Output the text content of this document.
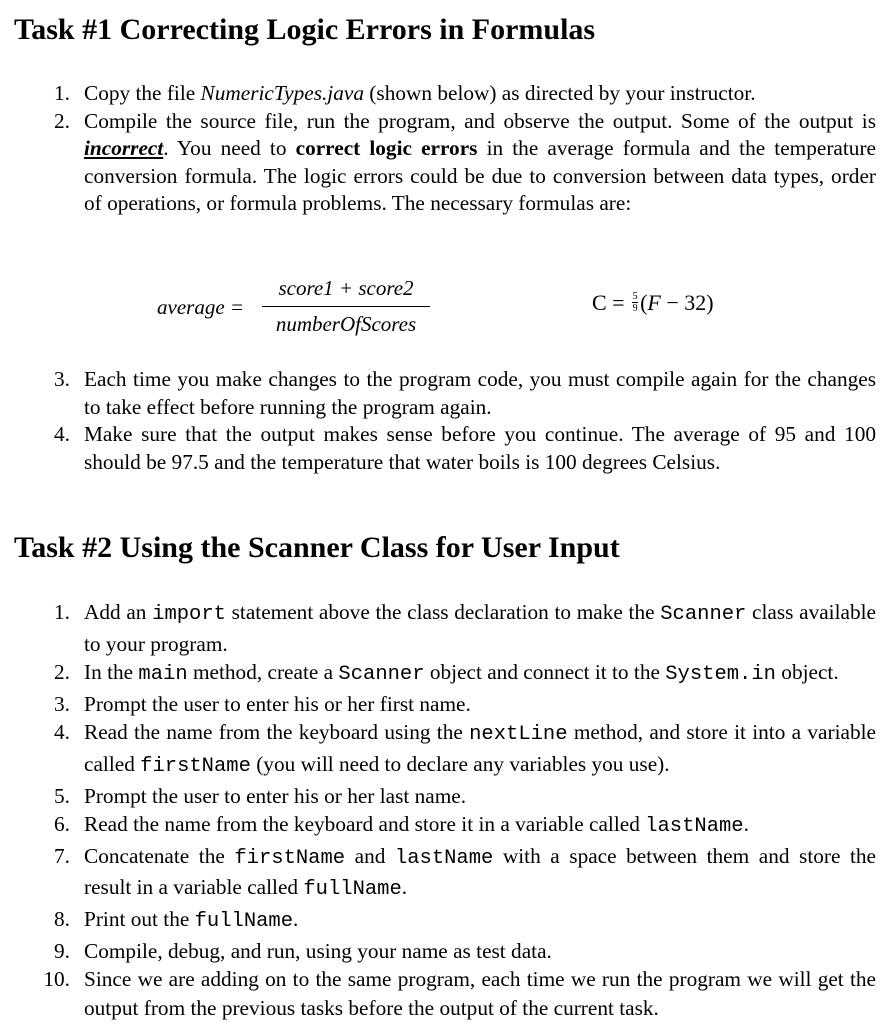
Task #1 Correcting Logic Errors in Formulas
1. Copy the file NumericTypes.java (shown below) as directed by your instructor.
2. Compile the source file, run the program, and observe the output. Some of the output is incorrect. You need to correct logic errors in the average formula and the temperature conversion formula. The logic errors could be due to conversion between data types, order of operations, or formula problems. The necessary formulas are:
average =
score1 + score2
numberOfScores
$C = \frac{5}{9} (F - 32)$
3. Each time you make changes to the program code, you must compile again for the changes to take effect before running the program again.
4. Make sure that the output makes sense before you continue. The average of 95 and 100 should be 97.5 and the temperature that water boils is 100 degrees Celsius.
Task #2 Using the Scanner Class for User Input
1. Add an import statement above the class declaration to make the Scanner class available to your program.
2. In the main method, create a Scanner object and connect it to the System.in object.
3. Prompt the user to enter his or her first name.
4. Read the name from the keyboard using the nextLine method, and store it into a variable called firstName (you will need to declare any variables you use).
5. Prompt the user to enter his or her last name.
6. Read the name from the keyboard and store it in a variable called lastName.
7. Concatenate the firstName and lastName with a space between them and store the result in a variable called fullName.
8. Print out the fullName.
9. Compile, debug, and run, using your name as test data.
10. Since we are adding on to the same program, each time we run the program we will get the output from the previous tasks before the output of the current task.
